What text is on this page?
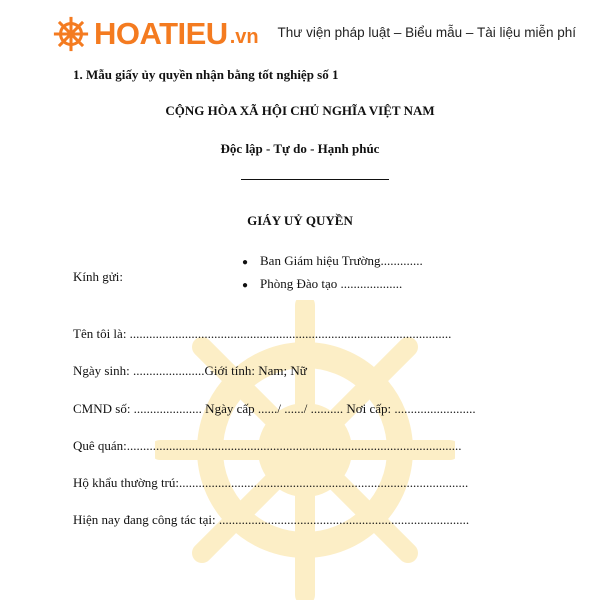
HOATIEU .vn Thư viện pháp luật – Biểu mẫu – Tài liệu miễn phí
1. Mẫu giấy ủy quyền nhận bằng tốt nghiệp số 1
CỘNG HÒA XÃ HỘI CHỦ NGHĨA VIỆT NAM
Độc lập - Tự do - Hạnh phúc
GIÁY UỶ QUYỀN
Kính gửi:
● Ban Giám hiệu Trường.............
● Phòng Đào tạo ...................
Tên tôi là: ...................................................................................................
Ngày sinh: ......................Giới tính: Nam; Nữ
CMND số: ..................... Ngày cấp ....../ ....../ .......... Nơi cấp: .........................
Quê quán:.......................................................................................................
Hộ khẩu thường trú:.........................................................................................
Hiện nay đang công tác tại: .............................................................................
